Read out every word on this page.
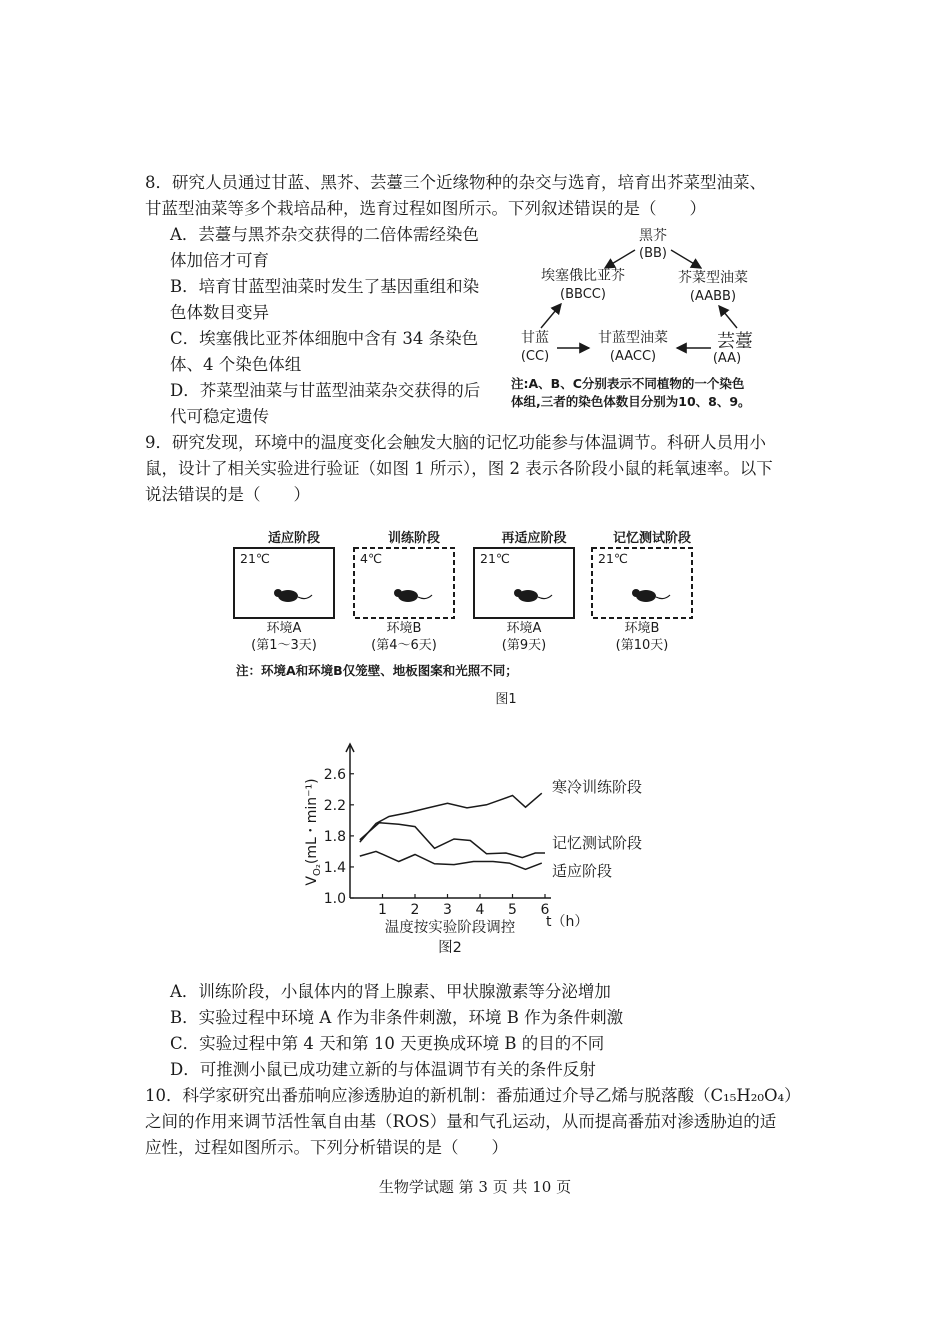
8．研究人员通过甘蓝、黑芥、芸薹三个近缘物种的杂交与选育，培育出芥菜型油菜、
甘蓝型油菜等多个栽培品种，选育过程如图所示。下列叙述错误的是（　　）
A．芸薹与黑芥杂交获得的二倍体需经染色
体加倍才可育
B．培育甘蓝型油菜时发生了基因重组和染
色体数目变异
C．埃塞俄比亚芥体细胞中含有 34 条染色
体、4 个染色体组
D．芥菜型油菜与甘蓝型油菜杂交获得的后
代可稳定遗传
黑芥
(BB)
埃塞俄比亚芥
(BBCC)
芥菜型油菜
(AABB)
甘蓝
(CC)
甘蓝型油菜
(AACC)
芸薹
(AA)
注:A、B、C分别表示不同植物的一个染色
体组,三者的染色体数目分别为10、8、9。
9．研究发现，环境中的温度变化会触发大脑的记忆功能参与体温调节。科研人员用小
鼠，设计了相关实验进行验证（如图 1 所示），图 2 表示各阶段小鼠的耗氧速率。以下
说法错误的是（　　）
适应阶段
21℃
环境A
(第1～3天)
训练阶段
4℃
环境B
(第4～6天)
再适应阶段
21℃
环境A
(第9天)
记忆测试阶段
21℃
环境B
(第10天)
注：环境A和环境B仅笼壁、地板图案和光照不同；
图1
1.0
1.4
1.8
2.2
2.6
1 2 3 4 5 6
$V_{O_2}(mL$・min⁻¹)
t（h）
温度按实验阶段调控
图2
寒冷训练阶段
记忆测试阶段
适应阶段
A．训练阶段，小鼠体内的肾上腺素、甲状腺激素等分泌增加
B．实验过程中环境 A 作为非条件刺激，环境 B 作为条件刺激
C．实验过程中第 4 天和第 10 天更换成环境 B 的目的不同
D．可推测小鼠已成功建立新的与体温调节有关的条件反射
10．科学家研究出番茄响应渗透胁迫的新机制：番茄通过介导乙烯与脱落酸（C₁₅H₂₀O₄）
之间的作用来调节活性氧自由基（ROS）量和气孔运动，从而提高番茄对渗透胁迫的适
应性，过程如图所示。下列分析错误的是（　　）
生物学试题 第 3 页 共 10 页
